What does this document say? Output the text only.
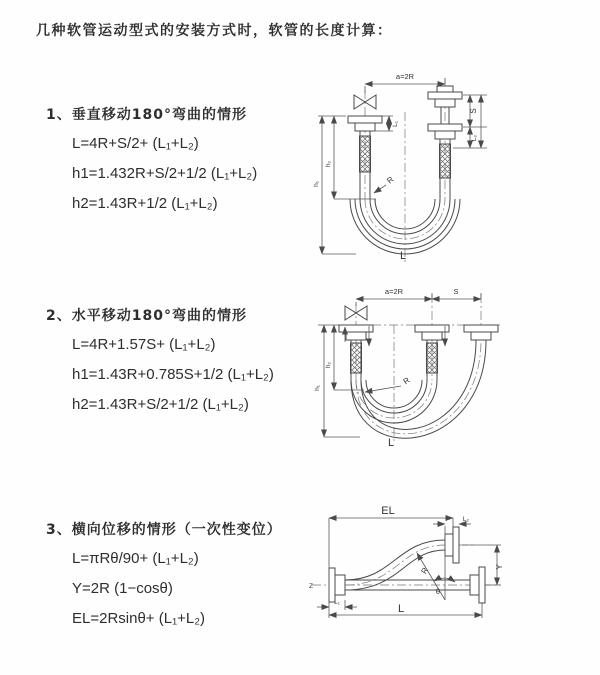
几种软管运动型式的安装方式时，软管的长度计算：
1、垂直移动180°弯曲的情形
L=4R+S/2+ (L₁+L₂)
h1=1.432R+S/2+1/2 (L₁+L₂)
h2=1.43R+1/2 (L₁+L₂)
2、水平移动180°弯曲的情形
L=4R+1.57S+ (L₁+L₂)
h1=1.43R+0.785S+1/2 (L₁+L₂)
h2=1.43R+S/2+1/2 (L₁+L₂)
3、横向位移的情形（一次性变位）
L=πRθ/90+ (L₁+L₂)
Y=2R (1−cosθ)
EL=2Rsinθ+ (L₁+L₂)
a=2R
L₁
S
L₂
h₂
h₁	R
L
a=2R	S
h₂
h₁
R
L
Z
EL
L₂
Y
R
θ
L₁
L
